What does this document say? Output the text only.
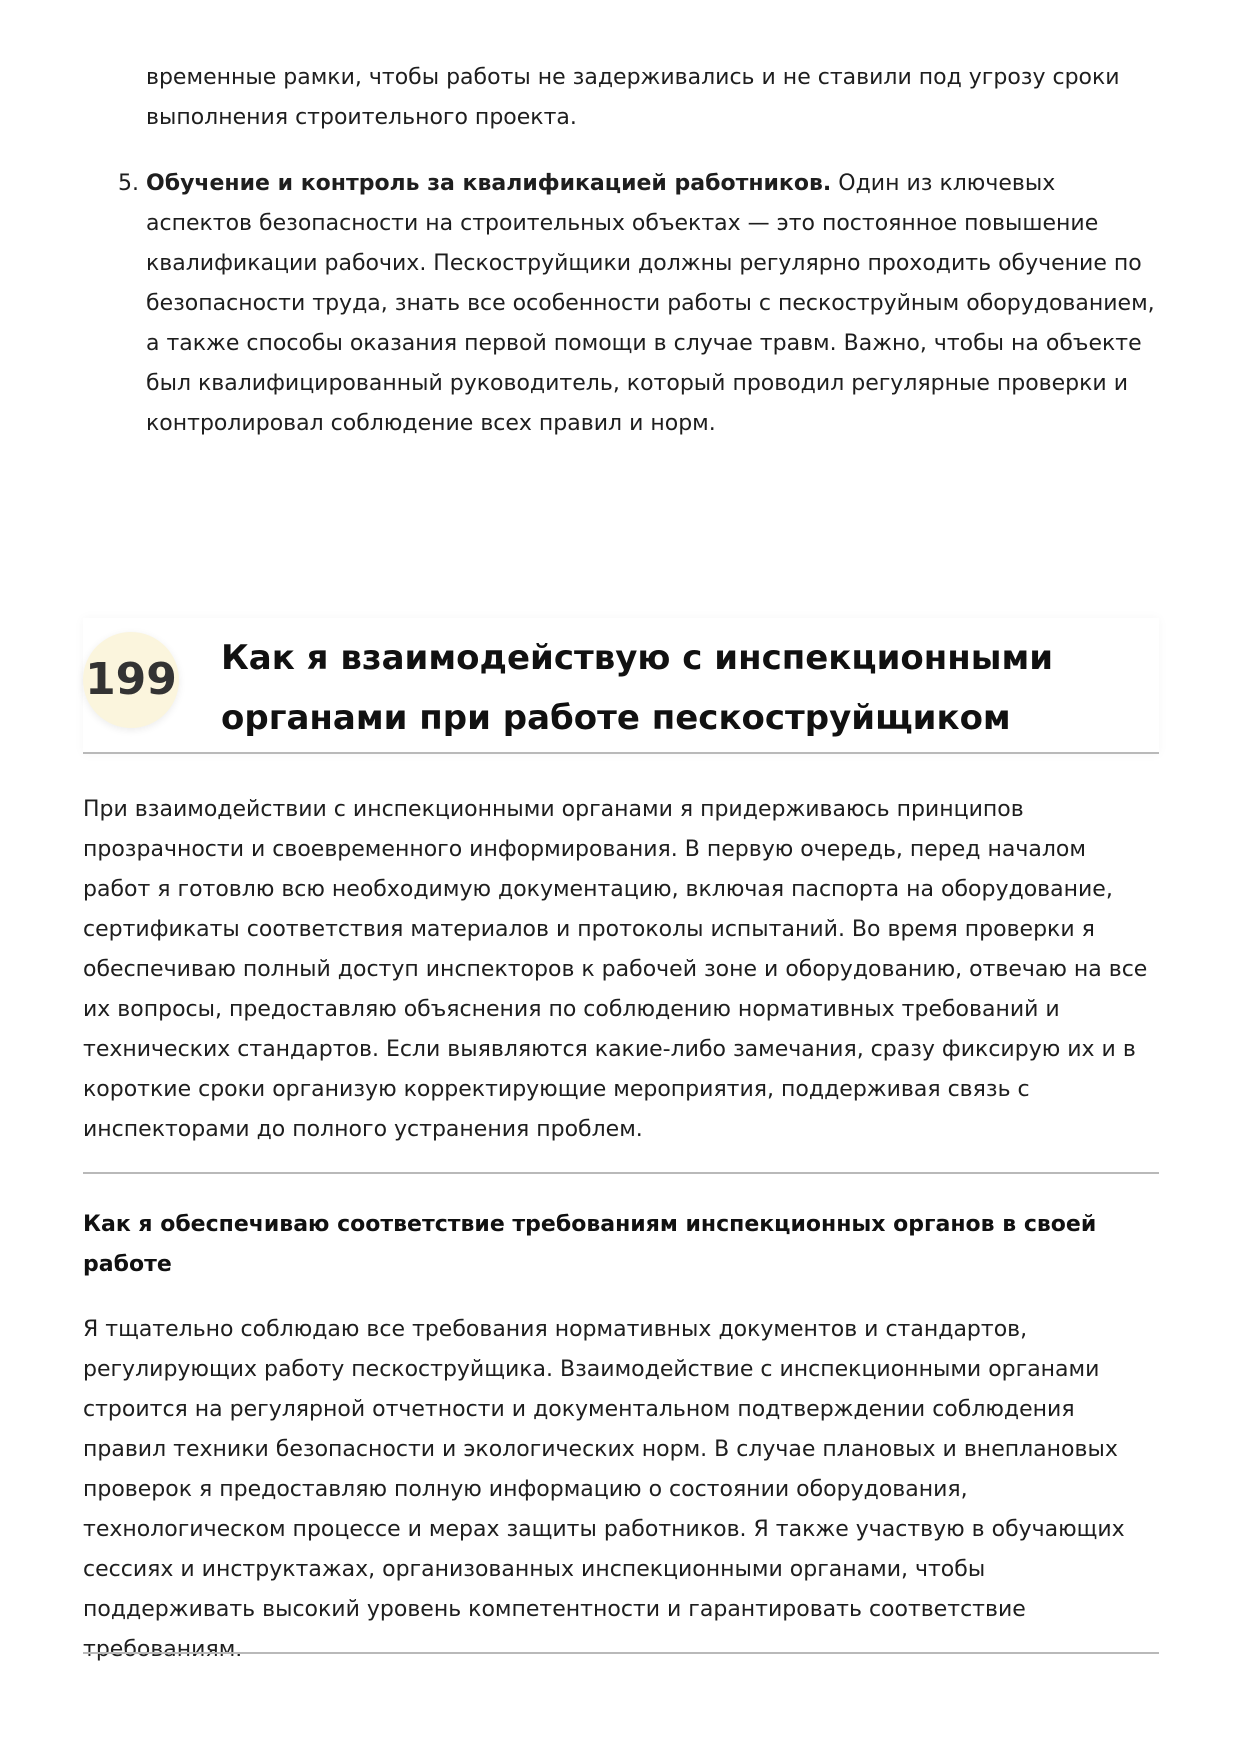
временные рамки, чтобы работы не задерживались и не ставили под угрозу сроки выполнения строительного проекта.

5. Обучение и контроль за квалификацией работников. Один из ключевых аспектов безопасности на строительных объектах — это постоянное повышение квалификации рабочих. Пескоструйщики должны регулярно проходить обучение по безопасности труда, знать все особенности работы с пескоструйным оборудованием, а также способы оказания первой помощи в случае травм. Важно, чтобы на объекте был квалифицированный руководитель, который проводил регулярные проверки и контролировал соблюдение всех правил и норм.
199 Как я взаимодействую с инспекционными органами при работе пескоструйщиком

При взаимодействии с инспекционными органами я придерживаюсь принципов прозрачности и своевременного информирования. В первую очередь, перед началом работ я готовлю всю необходимую документацию, включая паспорта на оборудование, сертификаты соответствия материалов и протоколы испытаний. Во время проверки я обеспечиваю полный доступ инспекторов к рабочей зоне и оборудованию, отвечаю на все их вопросы, предоставляю объяснения по соблюдению нормативных требований и технических стандартов. Если выявляются какие-либо замечания, сразу фиксирую их и в короткие сроки организую корректирующие мероприятия, поддерживая связь с инспекторами до полного устранения проблем.

Как я обеспечиваю соответствие требованиям инспекционных органов в своей работе

Я тщательно соблюдаю все требования нормативных документов и стандартов, регулирующих работу пескоструйщика. Взаимодействие с инспекционными органами строится на регулярной отчетности и документальном подтверждении соблюдения правил техники безопасности и экологических норм. В случае плановых и внеплановых проверок я предоставляю полную информацию о состоянии оборудования, технологическом процессе и мерах защиты работников. Я также участвую в обучающих сессиях и инструктажах, организованных инспекционными органами, чтобы поддерживать высокий уровень компетентности и гарантировать соответствие требованиям.
